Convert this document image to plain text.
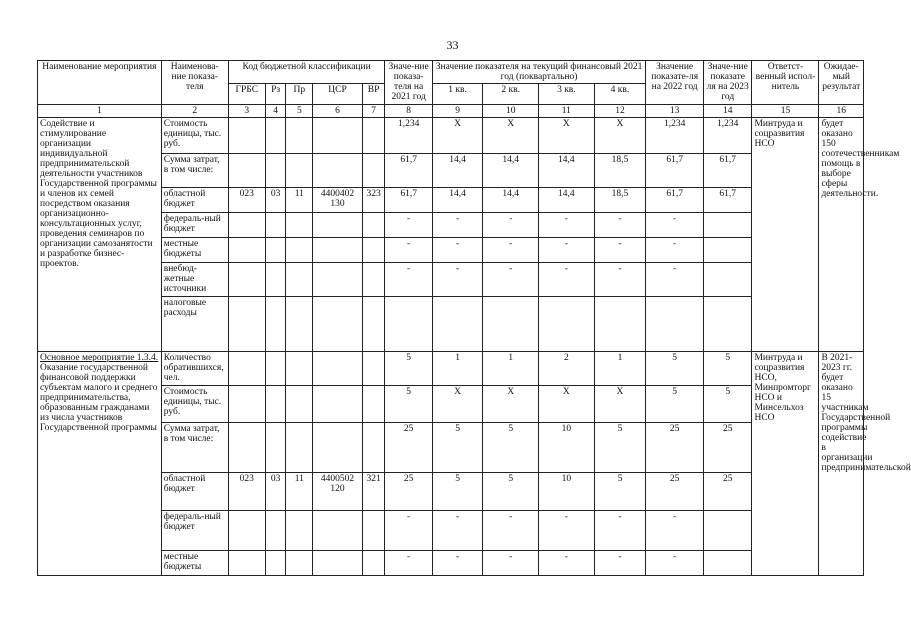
33
Наименование мероприятия	Наименова-ние показа-теля	Код бюджетной классификации					Значе-ние показа-теля на 2021 год	Значение показателя на текущий финансовый 2021 год (поквартально)				Значение показате-ля на 2022 год	Значе-ние показате ля на 2023 год	Ответст-венный испол-нитель	Ожидае-мый результат
		ГРБС	Рз	Пр	ЦСР	ВР		1 кв.	2 кв.	3 кв.	4 кв.				
1	2	3	4	5	6	7	8	9	10	11	12	13	14	15	16

Содействие и стимулирование организации индивидуальной предпринимательской деятельности участников Государственной программы и членов их семей посредством оказания организационно-консультационных услуг, проведения семинаров по организации самозанятости и разработке бизнес-проектов.	Стоимость единицы, тыс. руб.						1,234	X	X	X	X	1,234	1,234	Минтруда и соцразвития НСО	будет оказано 150 соотечественникам помощь в выборе сферы деятельности.
	Сумма затрат, в том числе:						61,7	14,4	14,4	14,4	18,5	61,7	61,7		
	областной бюджет	023	03	11	4400402 130	323	61,7	14,4	14,4	14,4	18,5	61,7	61,7		
	федераль-ный бюджет						-	-	-	-	-	-			
	местные бюджеты						-	-	-	-	-	-			
	внебюд-жетные источники						-	-	-	-	-	-			
	налоговые расходы														

Основное мероприятие 1.3.4.
Оказание государственной финансовой поддержки субъектам малого и среднего предпринимательства, образованным гражданами из числа участников Государственной программы	Количество обратившихся, чел.						5	1	1	2	1	5	5	Минтруда и соцразвития НСО, Минпромторг НСО и Минсельхоз НСО	В 2021-2023 гг. будет оказано 15 участникам Государственной программы содействие в организации предпринимательской
	Стоимость единицы, тыс. руб.						5	X	X	X	X	5	5		
	Сумма затрат, в том числе:						25	5	5	10	5	25	25		
	областной бюджет	023	03	11	4400502 120	321	25	5	5	10	5	25	25		
	федераль-ный бюджет						-	-	-	-	-	-			
	местные бюджеты						-	-	-	-	-	-			
